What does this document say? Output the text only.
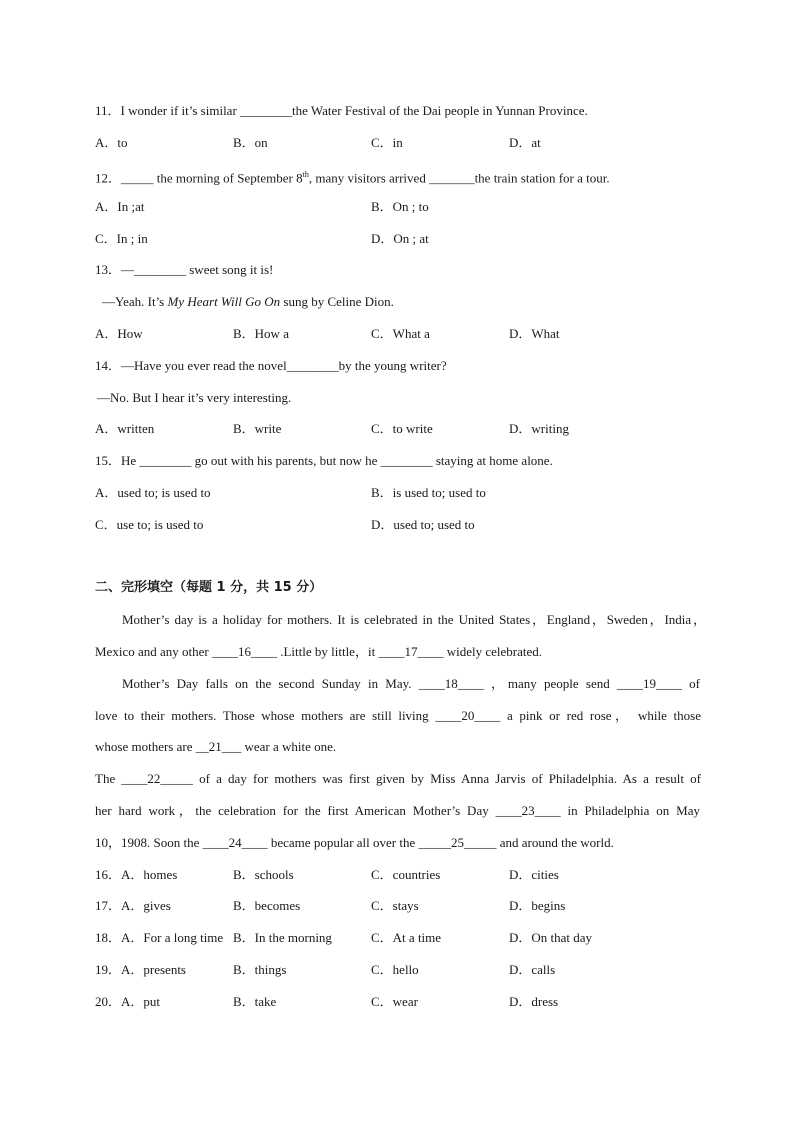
11．I wonder if it’s similar ________the Water Festival of the Dai people in Yunnan Province.
A．to	B．on	C．in	D．at
12．_____ the morning of September 8th, many visitors arrived _______the train station for a tour.
A．In ;at	B．On ; to
C．In ; in	D．On ; at
13．—________ sweet song it is!
—Yeah. It’s My Heart Will Go On sung by Celine Dion.
A．How	B．How a	C．What a	D．What
14．—Have you ever read the novel________by the young writer?
—No. But I hear it’s very interesting.
A．written	B．write	C．to write	D．writing
15．He ________ go out with his parents, but now he ________ staying at home alone.
A．used to; is used to	B．is used to; used to
C．use to; is used to	D．used to; used to
二、完形填空（每题 1 分，共 15 分）
Mother’s day is a holiday for mothers. It is celebrated in the United States，England，Sweden，India，
Mexico and any other ____16____ .Little by little，it ____17____ widely celebrated.
Mother’s Day falls on the second Sunday in May. ____18____ ，many people send ____19____ of
love to their mothers. Those whose mothers are still living ____20____ a pink or red rose， while those
whose mothers are __21___ wear a white one.
The ____22_____ of a day for mothers was first given by Miss Anna Jarvis of Philadelphia. As a result of
her hard work，the celebration for the first American Mother’s Day ____23____ in Philadelphia on May
10，1908. Soon the ____24____ became popular all over the _____25_____ and around the world.
16．A．homes	B．schools	C．countries	D．cities
17．A．gives	B．becomes	C．stays	D．begins
18．A．For a long time B．In the morning	C．At a time	D．On that day
19．A．presents	B．things	C．hello	D．calls
20．A．put	B．take	C．wear	D．dress
